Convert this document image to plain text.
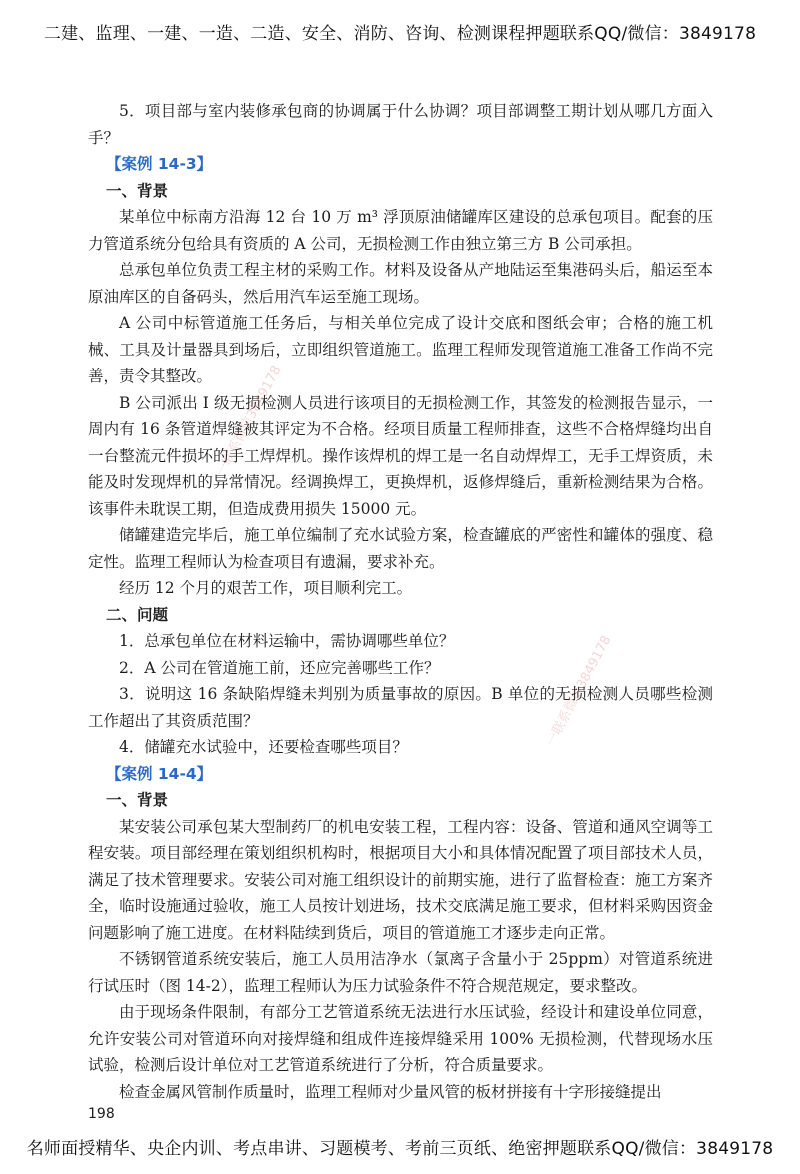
二建、监理、一建、一造、二造、安全、消防、咨询、检测课程押题联系QQ/微信：3849178

5．项目部与室内装修承包商的协调属于什么协调？项目部调整工期计划从哪几方面入手？

【案例 14-3】
一、背景

某单位中标南方沿海 12 台 10 万 m³ 浮顶原油储罐库区建设的总承包项目。配套的压力管道系统分包给具有资质的 A 公司，无损检测工作由独立第三方 B 公司承担。

总承包单位负责工程主材的采购工作。材料及设备从产地陆运至集港码头后，船运至本原油库区的自备码头，然后用汽车运至施工现场。

A 公司中标管道施工任务后，与相关单位完成了设计交底和图纸会审；合格的施工机械、工具及计量器具到场后，立即组织管道施工。监理工程师发现管道施工准备工作尚不完善，责令其整改。

B 公司派出 Ⅰ 级无损检测人员进行该项目的无损检测工作，其签发的检测报告显示，一周内有 16 条管道焊缝被其评定为不合格。经项目质量工程师排查，这些不合格焊缝均出自一台整流元件损坏的手工焊焊机。操作该焊机的焊工是一名自动焊焊工，无手工焊资质，未能及时发现焊机的异常情况。经调换焊工，更换焊机，返修焊缝后，重新检测结果为合格。该事件未耽误工期，但造成费用损失 15000 元。

储罐建造完毕后，施工单位编制了充水试验方案，检查罐底的严密性和罐体的强度、稳定性。监理工程师认为检查项目有遗漏，要求补充。

经历 12 个月的艰苦工作，项目顺利完工。

二、问题

1．总承包单位在材料运输中，需协调哪些单位？

2．A 公司在管道施工前，还应完善哪些工作？

3．说明这 16 条缺陷焊缝未判别为质量事故的原因。B 单位的无损检测人员哪些检测工作超出了其资质范围？

4．储罐充水试验中，还要检查哪些项目？

【案例 14-4】
一、背景

某安装公司承包某大型制药厂的机电安装工程，工程内容：设备、管道和通风空调等工程安装。项目部经理在策划组织机构时，根据项目大小和具体情况配置了项目部技术人员，满足了技术管理要求。安装公司对施工组织设计的前期实施，进行了监督检查：施工方案齐全，临时设施通过验收，施工人员按计划进场，技术交底满足施工要求，但材料采购因资金问题影响了施工进度。在材料陆续到货后，项目的管道施工才逐步走向正常。

不锈钢管道系统安装后，施工人员用洁净水（氯离子含量小于 25ppm）对管道系统进行试压时（图 14-2），监理工程师认为压力试验条件不符合规范规定，要求整改。

由于现场条件限制，有部分工艺管道系统无法进行水压试验，经设计和建设单位同意，允许安装公司对管道环向对接焊缝和组成件连接焊缝采用 100% 无损检测，代替现场水压试验，检测后设计单位对工艺管道系统进行了分析，符合质量要求。

检查金属风管制作质量时，监理工程师对少量风管的板材拼接有十字形接缝提出

一联系微信3849178
一联系微信3849178
198
名师面授精华、央企内训、考点串讲、习题模考、考前三页纸、绝密押题联系QQ/微信：3849178
